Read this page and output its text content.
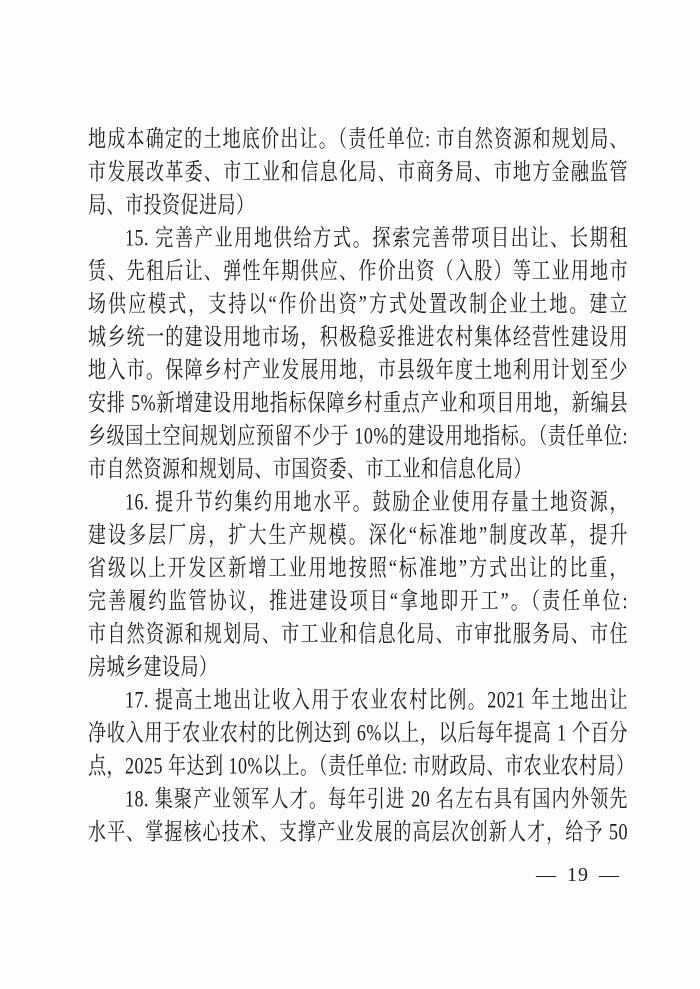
地成本确定的土地底价出让。（责任单位: 市自然资源和规划局、
市发展改革委、市工业和信息化局、市商务局、市地方金融监管
局、市投资促进局）
15. 完善产业用地供给方式。探索完善带项目出让、长期租
赁、先租后让、弹性年期供应、作价出资（入股）等工业用地市
场供应模式，支持以“作价出资”方式处置改制企业土地。建立
城乡统一的建设用地市场，积极稳妥推进农村集体经营性建设用
地入市。保障乡村产业发展用地，市县级年度土地利用计划至少
安排 5%新增建设用地指标保障乡村重点产业和项目用地，新编县
乡级国土空间规划应预留不少于 10%的建设用地指标。（责任单位:
市自然资源和规划局、市国资委、市工业和信息化局）
16. 提升节约集约用地水平。鼓励企业使用存量土地资源，
建设多层厂房，扩大生产规模。深化“标准地”制度改革，提升
省级以上开发区新增工业用地按照“标准地”方式出让的比重，
完善履约监管协议，推进建设项目“拿地即开工”。（责任单位:
市自然资源和规划局、市工业和信息化局、市审批服务局、市住
房城乡建设局）
17. 提高土地出让收入用于农业农村比例。2021 年土地出让
净收入用于农业农村的比例达到 6%以上，以后每年提高 1 个百分
点，2025 年达到 10%以上。（责任单位: 市财政局、市农业农村局）
18. 集聚产业领军人才。每年引进 20 名左右具有国内外领先
水平、掌握核心技术、支撑产业发展的高层次创新人才，给予 50
— 19 —
